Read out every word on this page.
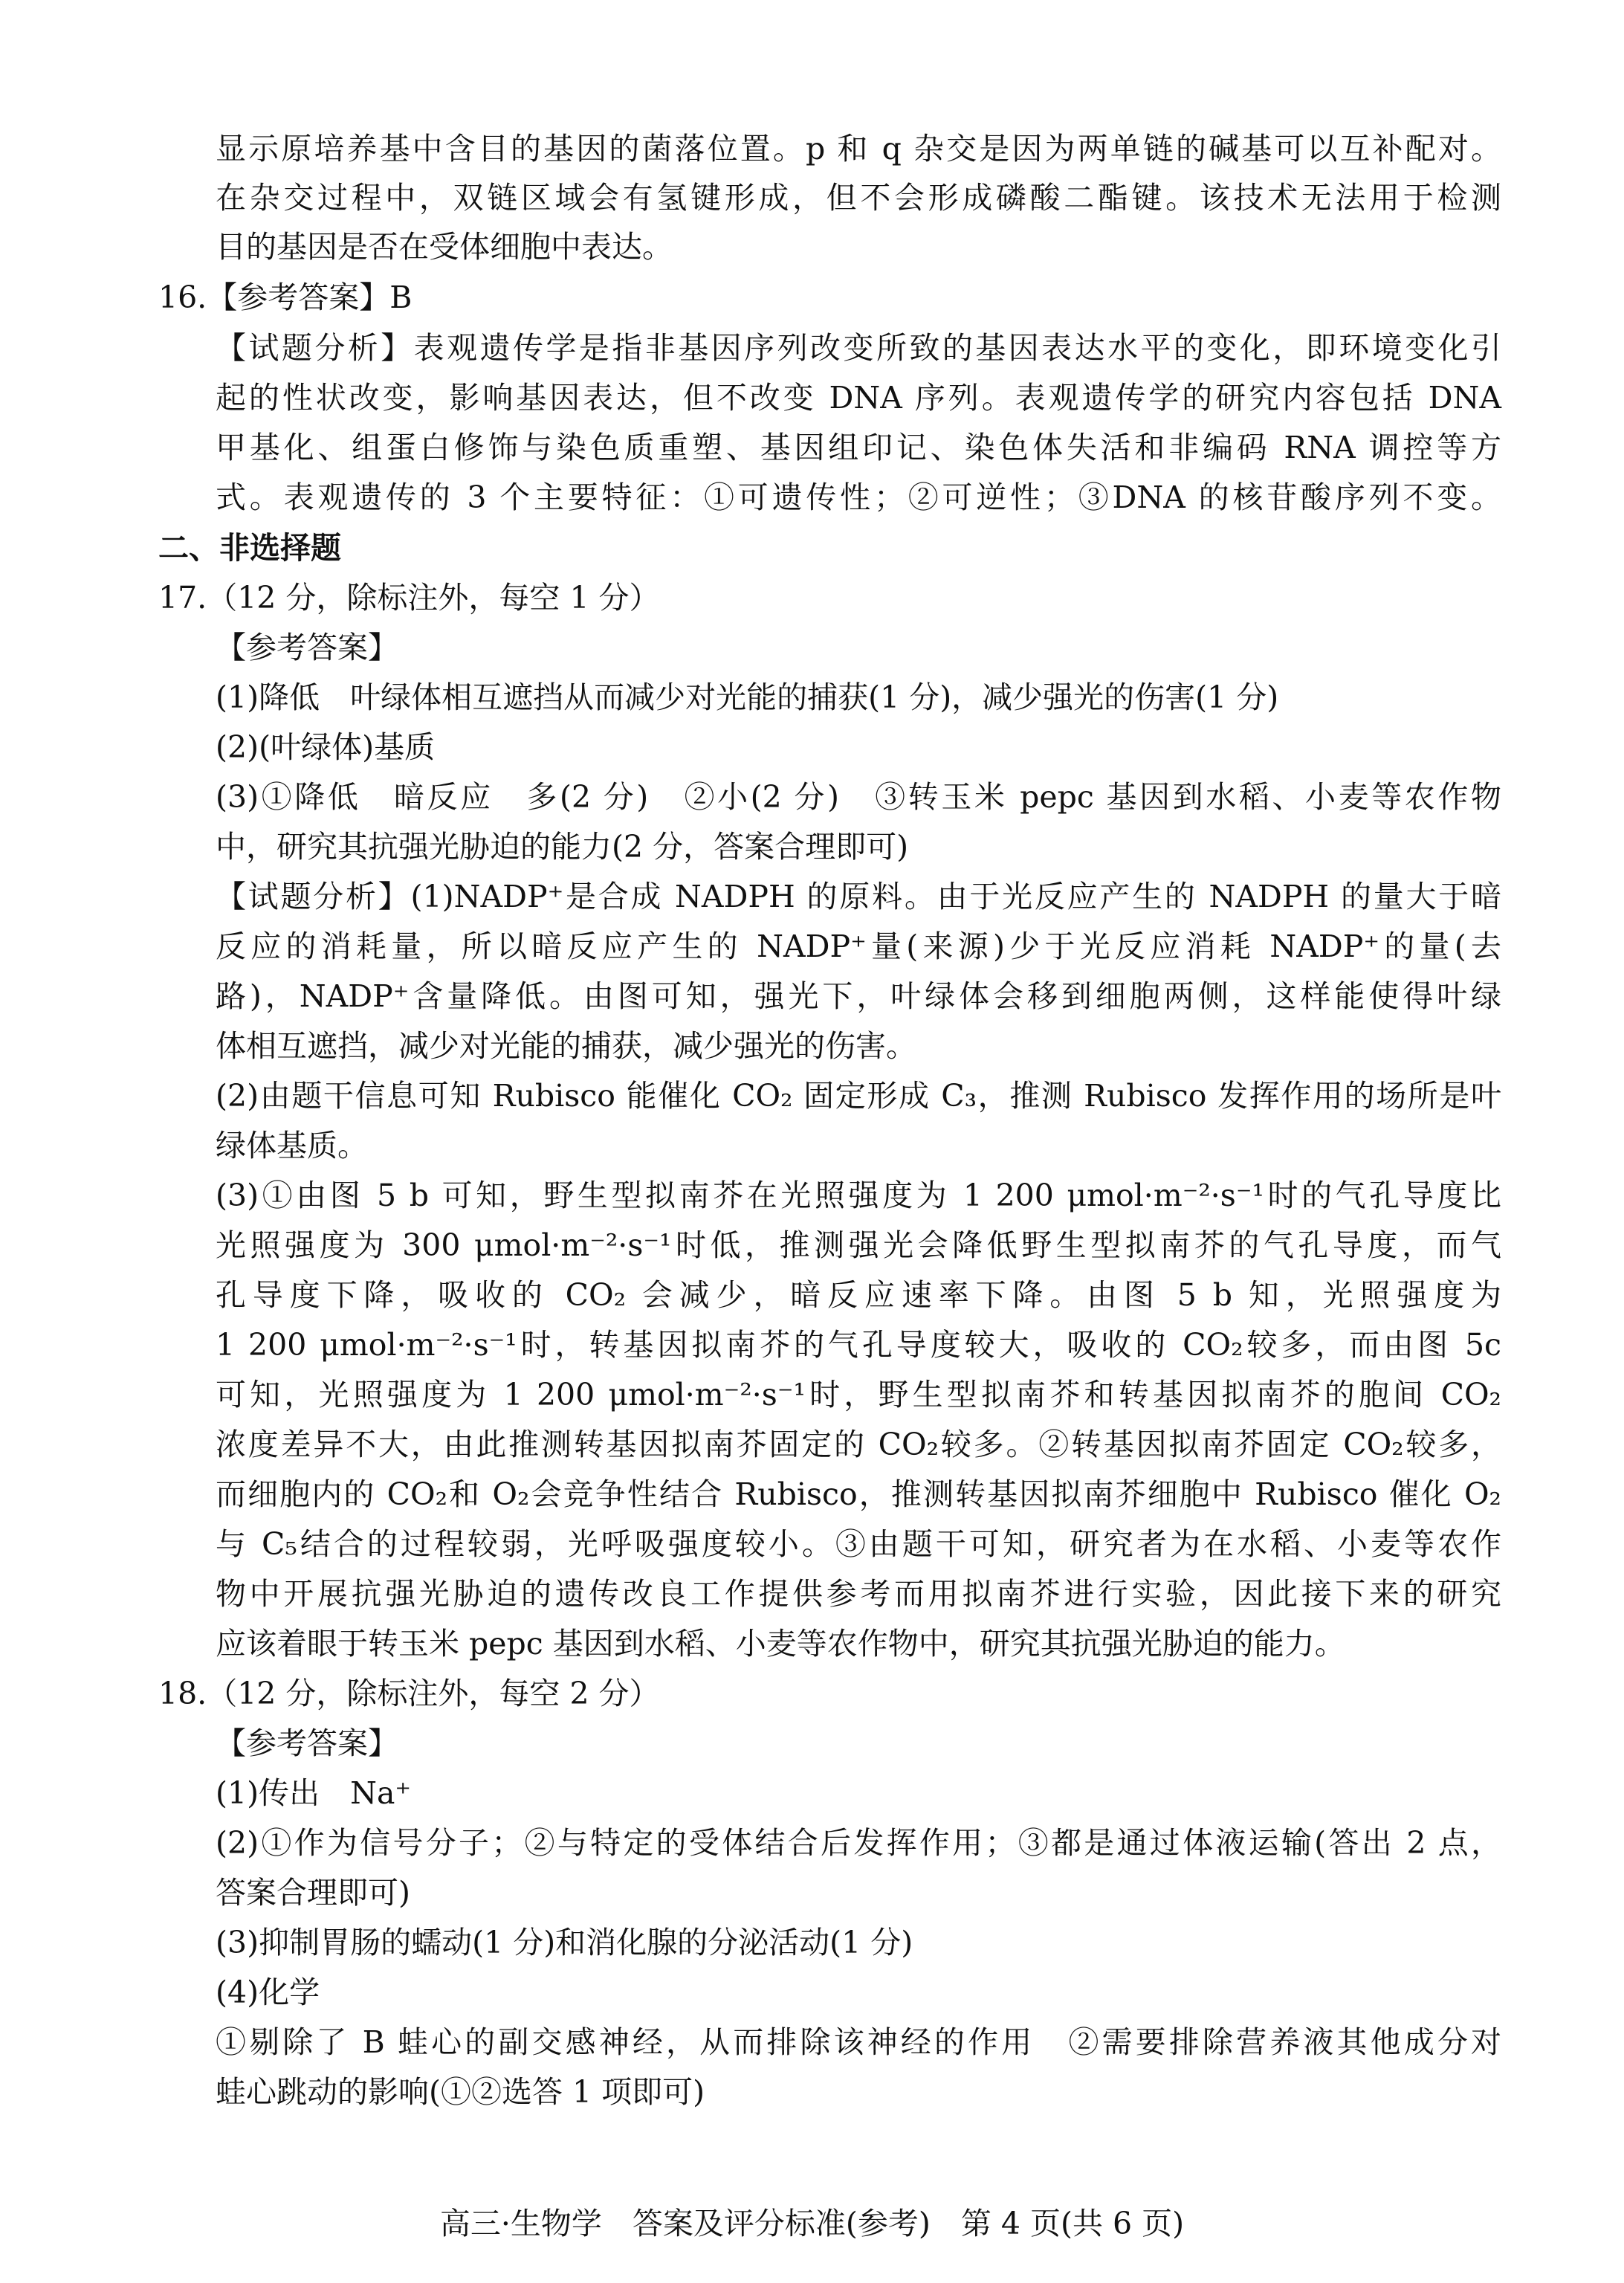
显示原培养基中含目的基因的菌落位置。p 和 q 杂交是因为两单链的碱基可以互补配对。
在杂交过程中，双链区域会有氢键形成，但不会形成磷酸二酯键。该技术无法用于检测
目的基因是否在受体细胞中表达。
16.【参考答案】B
【试题分析】表观遗传学是指非基因序列改变所致的基因表达水平的变化，即环境变化引
起的性状改变，影响基因表达，但不改变 DNA 序列。表观遗传学的研究内容包括 DNA
甲基化、组蛋白修饰与染色质重塑、基因组印记、染色体失活和非编码 RNA 调控等方
式。表观遗传的 3 个主要特征：①可遗传性；②可逆性；③DNA 的核苷酸序列不变。
二、非选择题
17.（12 分，除标注外，每空 1 分）
【参考答案】
(1)降低　叶绿体相互遮挡从而减少对光能的捕获(1 分)，减少强光的伤害(1 分)
(2)(叶绿体)基质
(3)①降低　暗反应　多(2 分)　②小(2 分)　③转玉米 pepc 基因到水稻、小麦等农作物
中，研究其抗强光胁迫的能力(2 分，答案合理即可)
【试题分析】(1)NADP⁺是合成 NADPH 的原料。由于光反应产生的 NADPH 的量大于暗
反应的消耗量，所以暗反应产生的 NADP⁺量(来源)少于光反应消耗 NADP⁺的量(去
路)，NADP⁺含量降低。由图可知，强光下，叶绿体会移到细胞两侧，这样能使得叶绿
体相互遮挡，减少对光能的捕获，减少强光的伤害。
(2)由题干信息可知 Rubisco 能催化 CO₂ 固定形成 C₃，推测 Rubisco 发挥作用的场所是叶
绿体基质。
(3)①由图 5 b 可知，野生型拟南芥在光照强度为 1 200 μmol·m⁻²·s⁻¹时的气孔导度比
光照强度为 300 μmol·m⁻²·s⁻¹时低，推测强光会降低野生型拟南芥的气孔导度，而气
孔导度下降，吸收的 CO₂ 会减少，暗反应速率下降。由图 5 b 知，光照强度为
1 200 μmol·m⁻²·s⁻¹时，转基因拟南芥的气孔导度较大，吸收的 CO₂较多，而由图 5c
可知，光照强度为 1 200 μmol·m⁻²·s⁻¹时，野生型拟南芥和转基因拟南芥的胞间 CO₂
浓度差异不大，由此推测转基因拟南芥固定的 CO₂较多。②转基因拟南芥固定 CO₂较多，
而细胞内的 CO₂和 O₂会竞争性结合 Rubisco，推测转基因拟南芥细胞中 Rubisco 催化 O₂
与 C₅结合的过程较弱，光呼吸强度较小。③由题干可知，研究者为在水稻、小麦等农作
物中开展抗强光胁迫的遗传改良工作提供参考而用拟南芥进行实验，因此接下来的研究
应该着眼于转玉米 pepc 基因到水稻、小麦等农作物中，研究其抗强光胁迫的能力。
18.（12 分，除标注外，每空 2 分）
【参考答案】
(1)传出　Na⁺
(2)①作为信号分子；②与特定的受体结合后发挥作用；③都是通过体液运输(答出 2 点，
答案合理即可)
(3)抑制胃肠的蠕动(1 分)和消化腺的分泌活动(1 分)
(4)化学
①剔除了 B 蛙心的副交感神经，从而排除该神经的作用　②需要排除营养液其他成分对
蛙心跳动的影响(①②选答 1 项即可)
高三·生物学　答案及评分标准(参考)　第 4 页(共 6 页)
